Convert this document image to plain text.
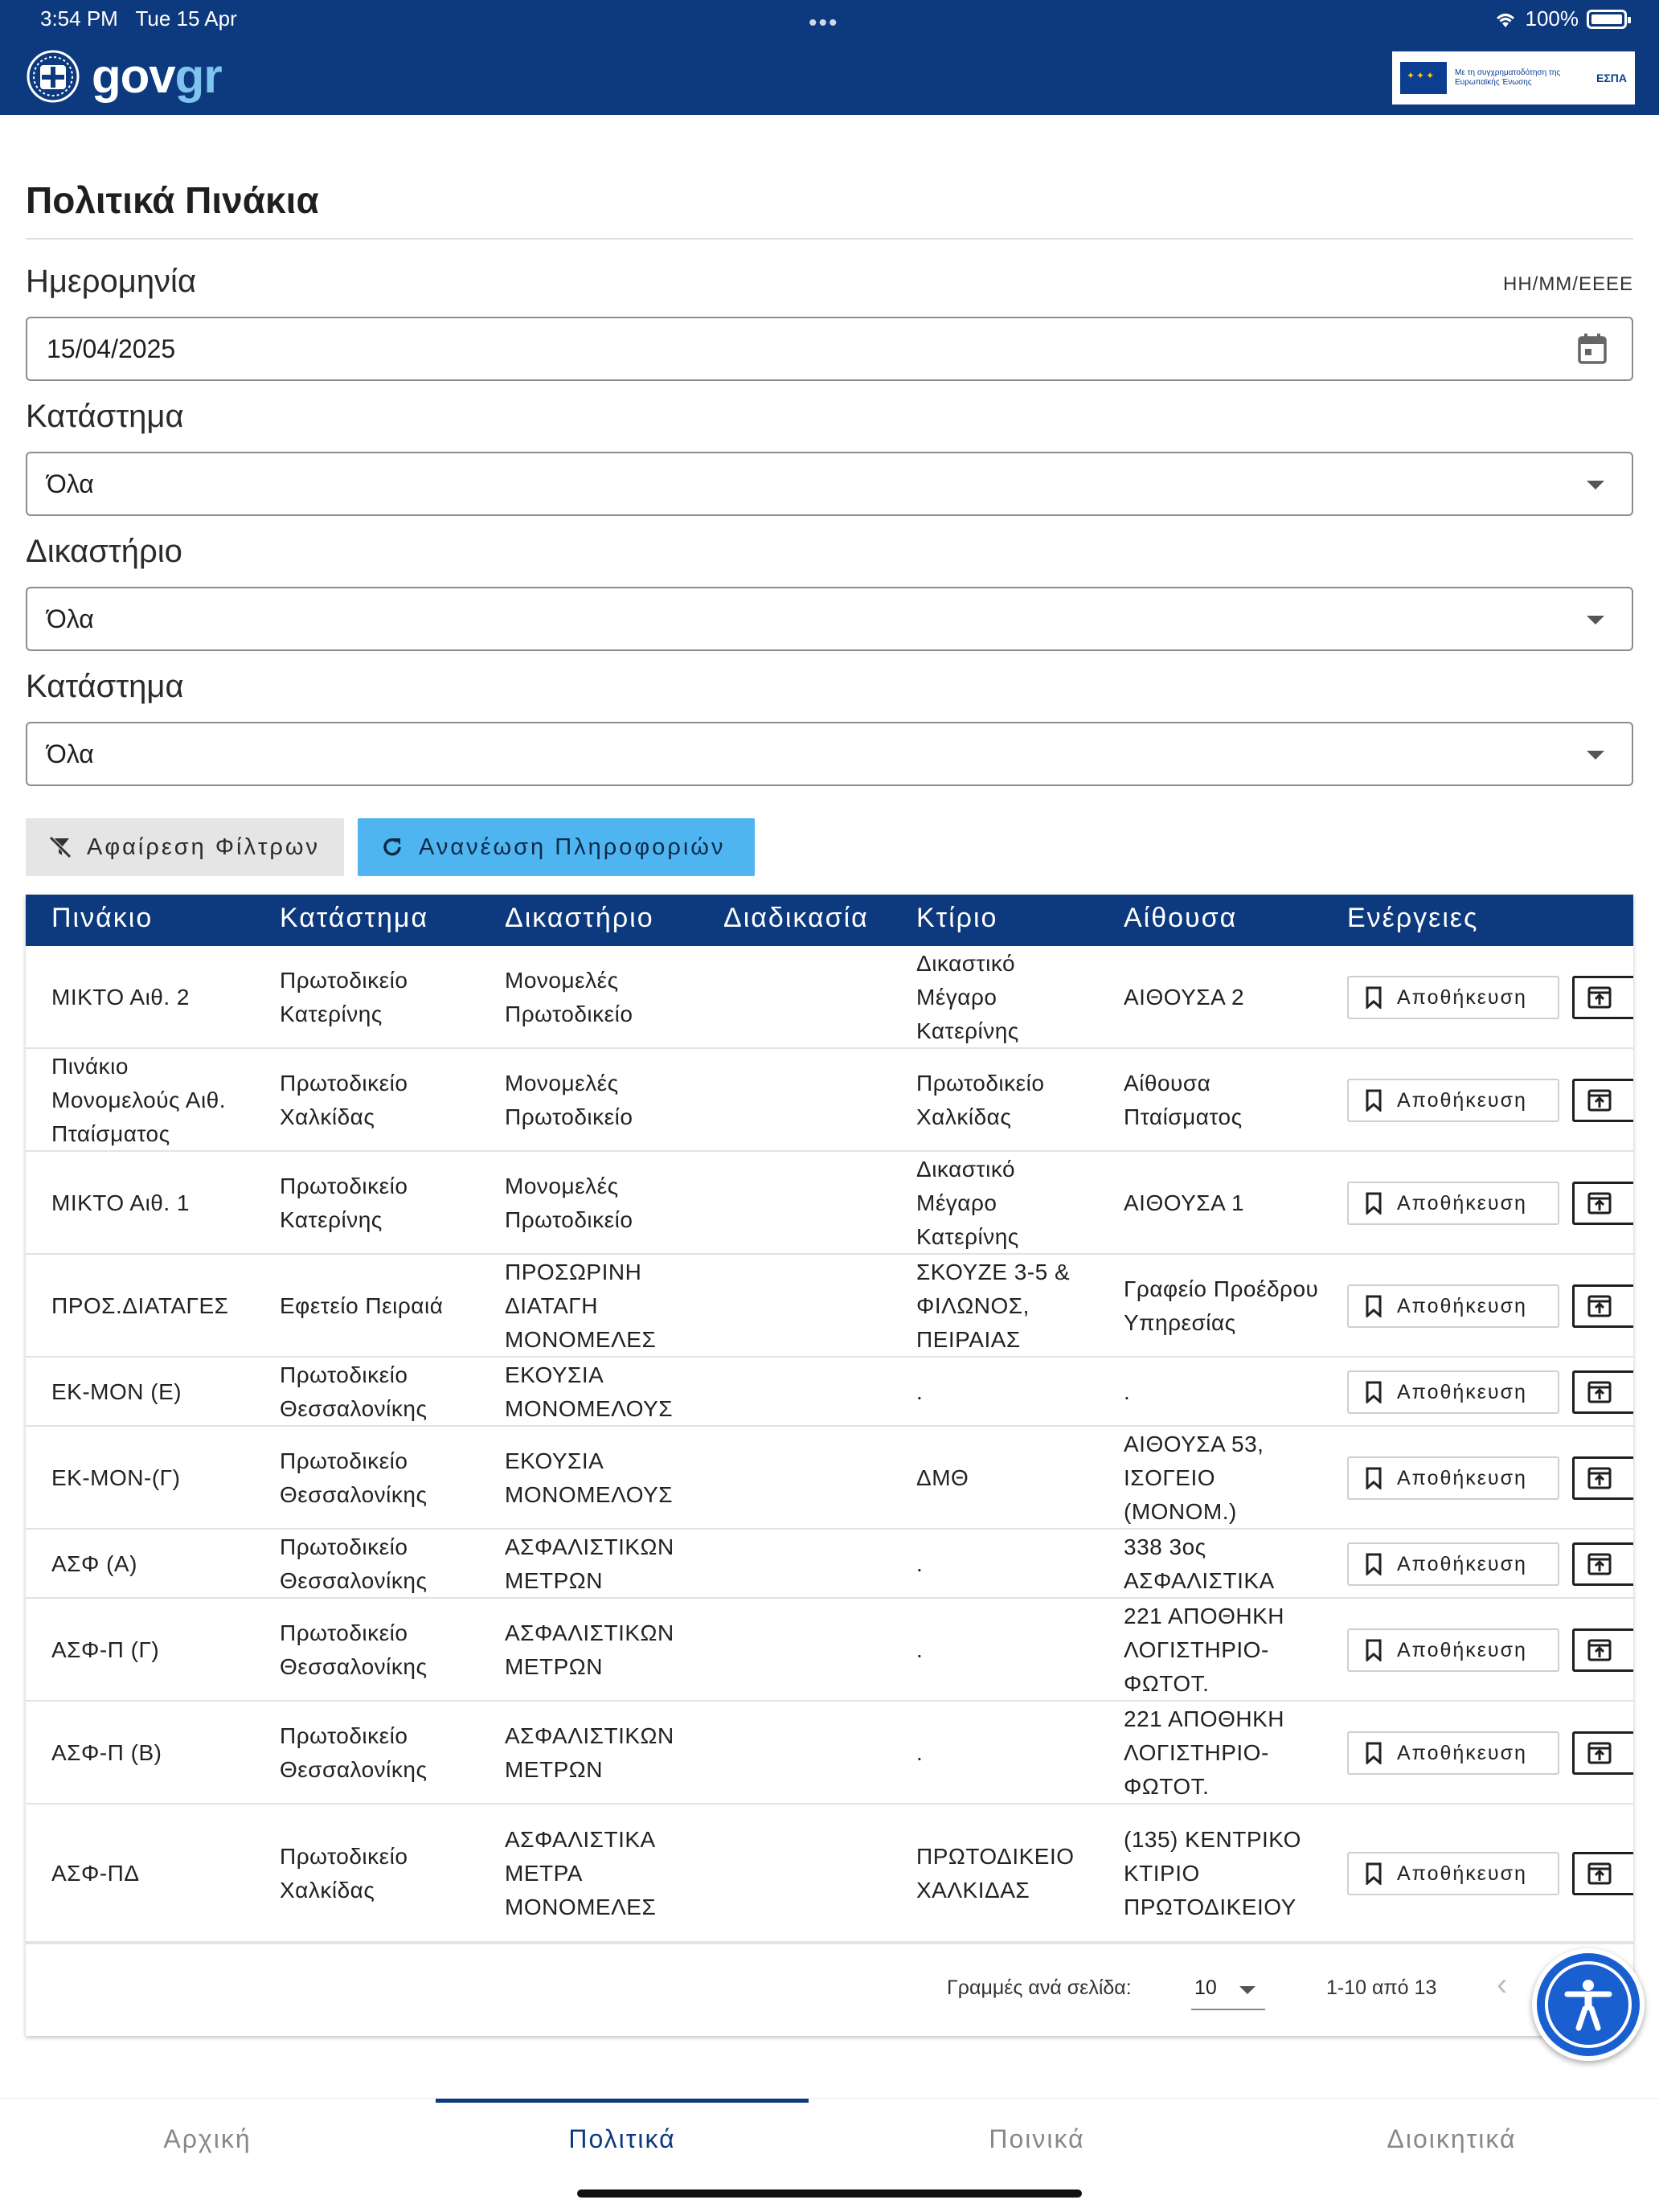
3:54 PM Tue 15 Apr	•••	100%
govgr
✦✦✦	Με τη συγχρηματοδότηση της Ευρωπαϊκής Ένωσης	ΕΣΠΑ
Πολιτικά Πινάκια
Ημερομηνία	ΗΗ/ΜΜ/ΕΕΕΕ
15/04/2025
Κατάστημα
Όλα
Δικαστήριο
Όλα
Κατάστημα
Όλα
Αφαίρεση Φίλτρων	Ανανέωση Πληροφοριών
Πινάκιο	Κατάστημα	Δικαστήριο	Διαδικασία Κτίριο	Αίθουσα	Ενέργειες
ΜΙΚΤΟ Αιθ. 2
Πρωτοδικείο Κατερίνης
Μονομελές Πρωτοδικείο
Δικαστικό Μέγαρο Κατερίνης
ΑΙΘΟΥΣΑ 2	Αποθήκευση
Πινάκιο Μονομελούς Αιθ. Πταίσματος
Πρωτοδικείο Χαλκίδας
Μονομελές Πρωτοδικείο
Πρωτοδικείο Χαλκίδας
Αίθουσα Πταίσματος
Αποθήκευση
ΜΙΚΤΟ Αιθ. 1
Πρωτοδικείο Κατερίνης
Μονομελές Πρωτοδικείο
Δικαστικό Μέγαρο Κατερίνης
ΑΙΘΟΥΣΑ 1	Αποθήκευση
ΠΡΟΣ.ΔΙΑΤΑΓΕΣ	Εφετείο Πειραιά
ΠΡΟΣΩΡΙΝΗ ΔΙΑΤΑΓΗ ΜΟΝΟΜΕΛΕΣ
ΣΚΟΥΖΕ 3-5 & ΦΙΛΩΝΟΣ, ΠΕΙΡΑΙΑΣ
Γραφείο Προέδρου Υπηρεσίας
Αποθήκευση
ΕΚ-ΜΟΝ (Ε)
Πρωτοδικείο Θεσσαλονίκης
ΕΚΟΥΣΙΑ ΜΟΝΟΜΕΛΟΥΣ
.	.	Αποθήκευση
ΕΚ-ΜΟΝ-(Γ)
Πρωτοδικείο Θεσσαλονίκης
ΕΚΟΥΣΙΑ ΜΟΝΟΜΕΛΟΥΣ
ΔΜΘ
ΑΙΘΟΥΣΑ 53, ΙΣΟΓΕΙΟ (ΜΟΝΟΜ.)
Αποθήκευση
ΑΣΦ (Α)
Πρωτοδικείο Θεσσαλονίκης
ΑΣΦΑΛΙΣΤΙΚΩΝ ΜΕΤΡΩΝ
.
338 3ος ΑΣΦΑΛΙΣΤΙΚΑ
Αποθήκευση
ΑΣΦ-Π (Γ)
Πρωτοδικείο Θεσσαλονίκης
ΑΣΦΑΛΙΣΤΙΚΩΝ ΜΕΤΡΩΝ
.
221 ΑΠΟΘΗΚΗ ΛΟΓΙΣΤΗΡΙΟ-ΦΩΤΟΤ.
Αποθήκευση
ΑΣΦ-Π (Β)
Πρωτοδικείο Θεσσαλονίκης
ΑΣΦΑΛΙΣΤΙΚΩΝ ΜΕΤΡΩΝ
.
221 ΑΠΟΘΗΚΗ ΛΟΓΙΣΤΗΡΙΟ-ΦΩΤΟΤ.
Αποθήκευση
ΑΣΦ-ΠΔ
Πρωτοδικείο Χαλκίδας
ΑΣΦΑΛΙΣΤΙΚΑ ΜΕΤΡΑ ΜΟΝΟΜΕΛΕΣ
ΠΡΩΤΟΔΙΚΕΙΟ ΧΑΛΚΙΔΑΣ
(135) ΚΕΝΤΡΙΚΟ ΚΤΙΡΙΟ ΠΡΩΤΟΔΙΚΕΙΟΥ
Αποθήκευση
Γραμμές ανά σελίδα:	10	1-10 από 13 ‹
Αρχική	Πολιτικά	Ποινικά	Διοικητικά
